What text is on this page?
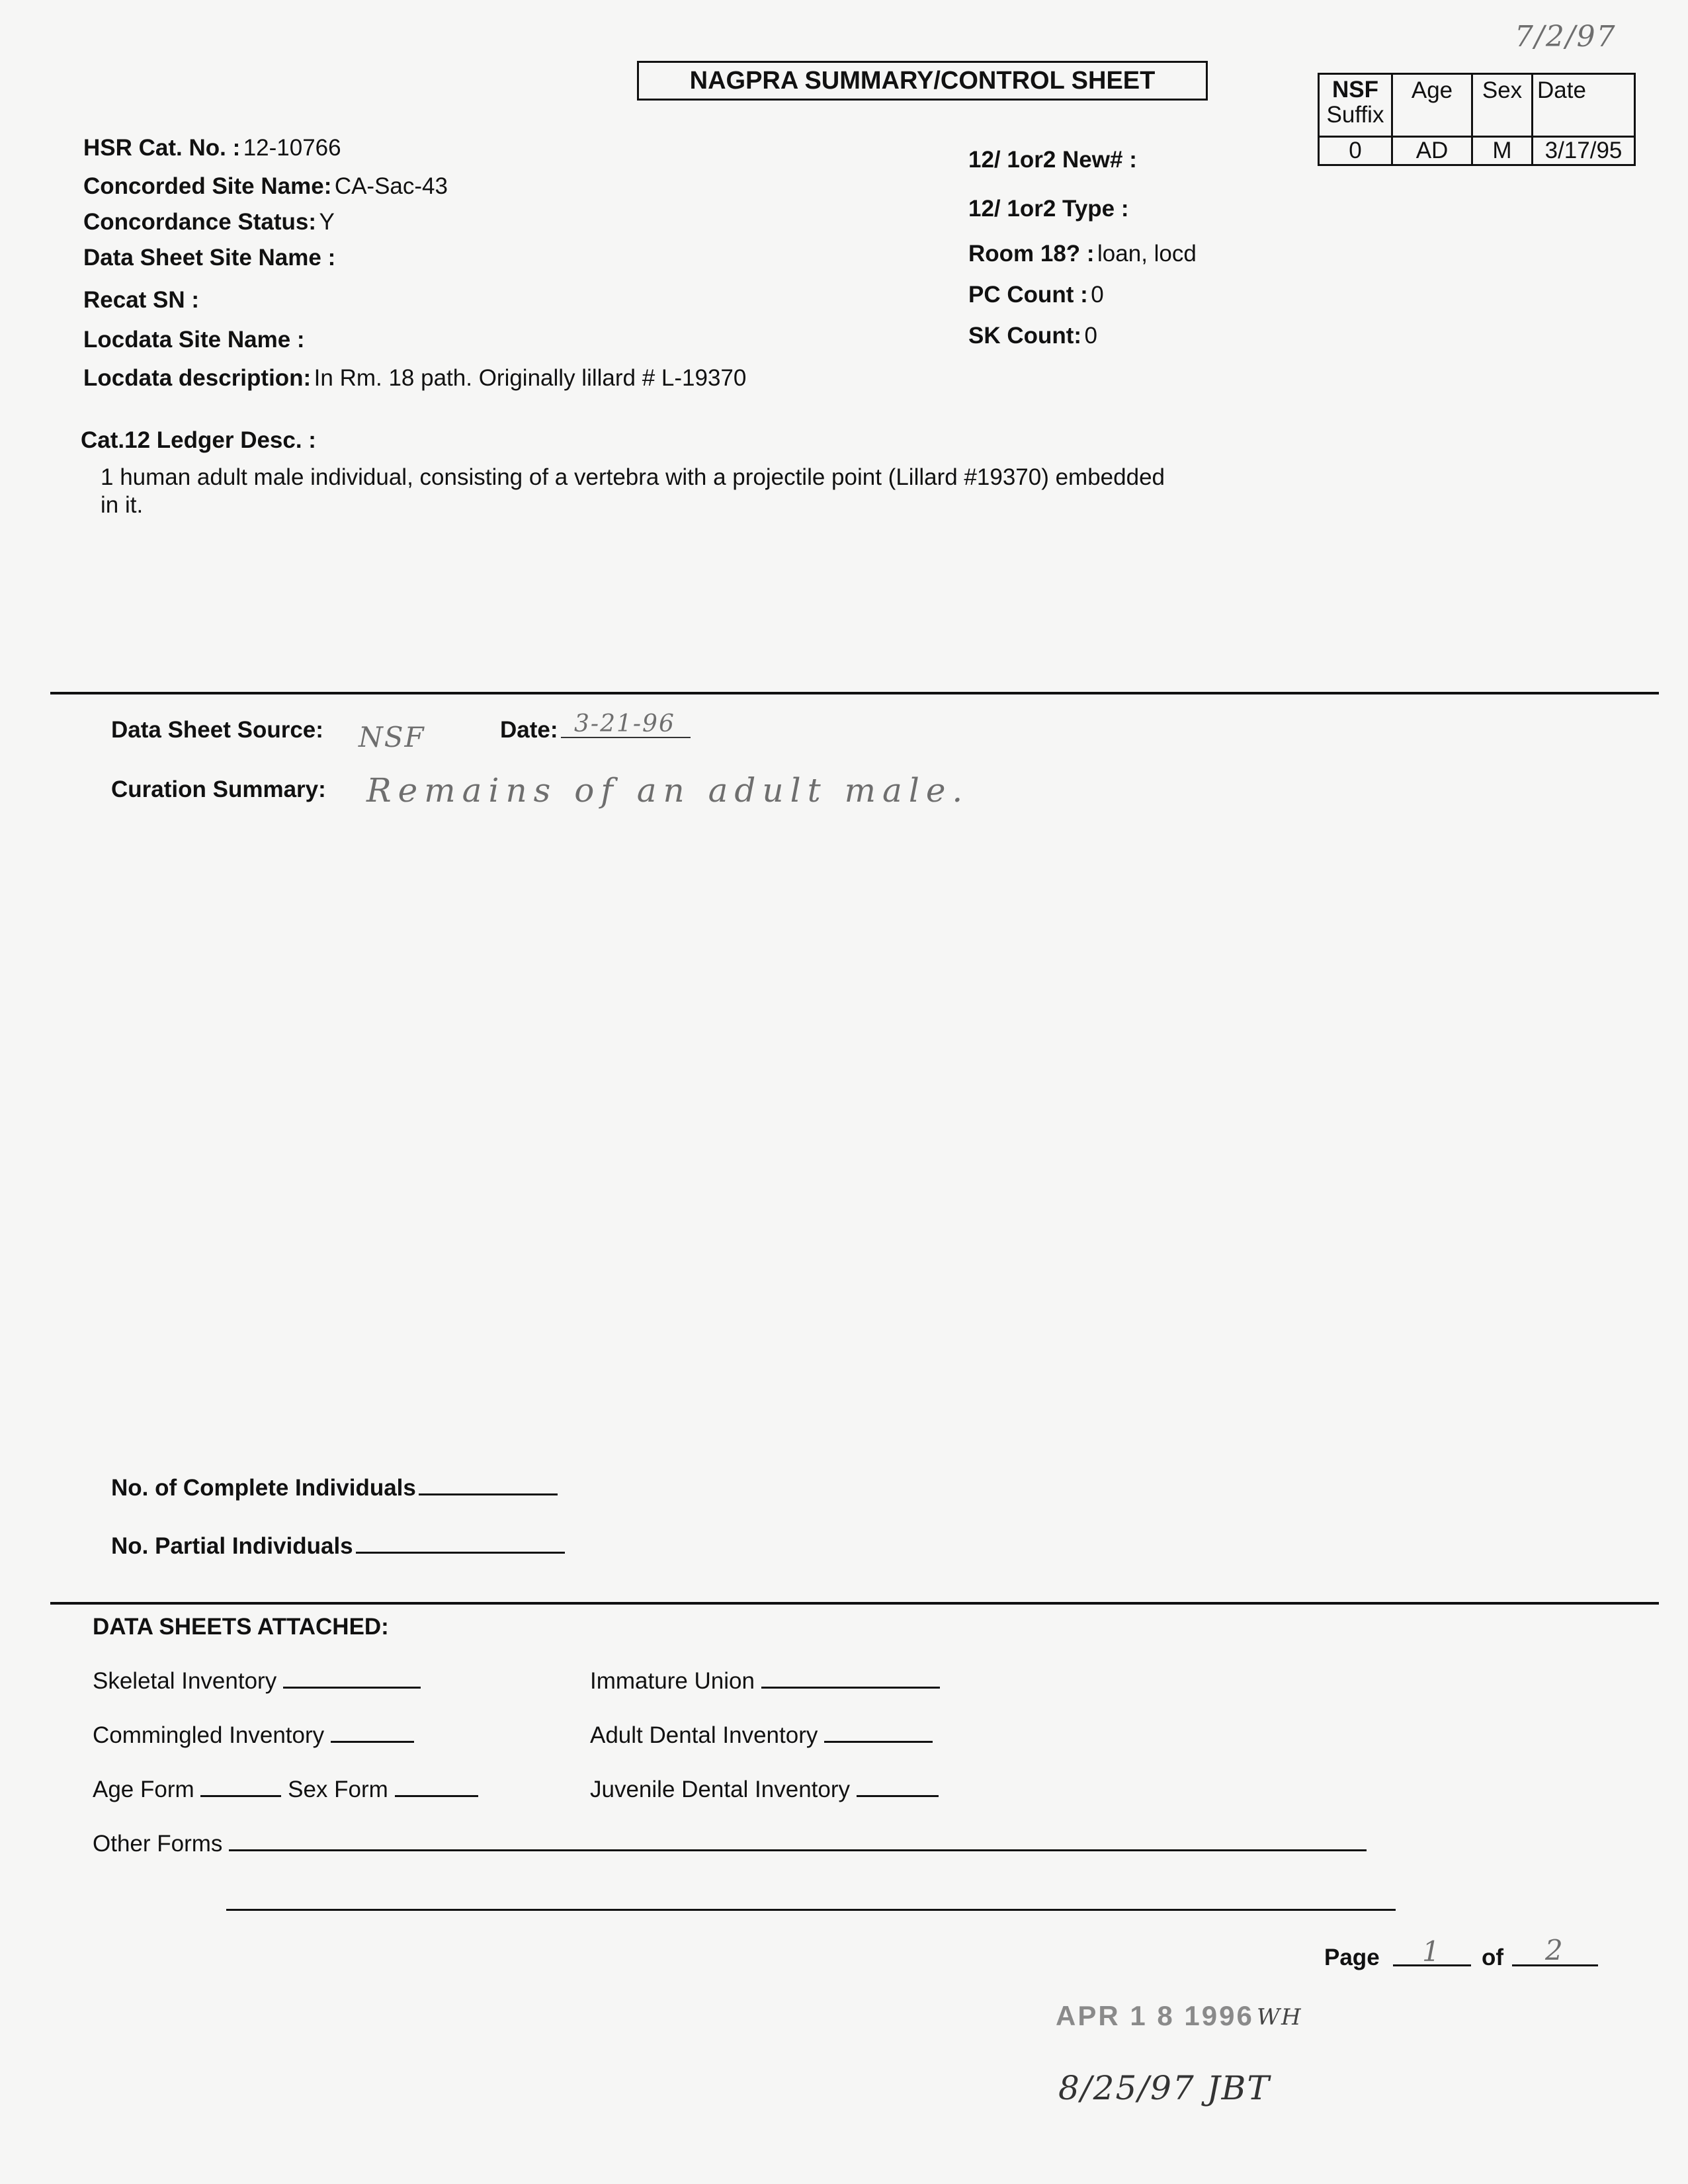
7/2/97
NAGPRA SUMMARY/CONTROL SHEET	NSF
Suffix	Age	Sex	Date
0	AD	M	3/17/95
HSR Cat. No. : 12-10766
Concorded Site Name: CA-Sac-43
Concordance Status: Y
Data Sheet Site Name :
Recat SN :
Locdata Site Name :
Locdata description: In Rm. 18 path. Originally lillard # L-19370
12/ 1or2 New# :
12/ 1or2 Type :
Room 18? : loan, locd
PC Count : 0
SK Count: 0
Cat.12 Ledger Desc. :
1 human adult male individual, consisting of a vertebra with a projectile point (Lillard #19370) embedded
in it.
Data Sheet Source: NSF	Date: 3-21-96
Curation Summary: Remains of an adult male.
No. of Complete Individuals
No. Partial Individuals
DATA SHEETS ATTACHED:
Skeletal Inventory
Commingled Inventory
Age Form	Sex Form
Other Forms
Immature Union
Adult Dental Inventory
Juvenile Dental Inventory
Page 1 of 2
APR 1 8 1996 WH
8/25/97 JBT
